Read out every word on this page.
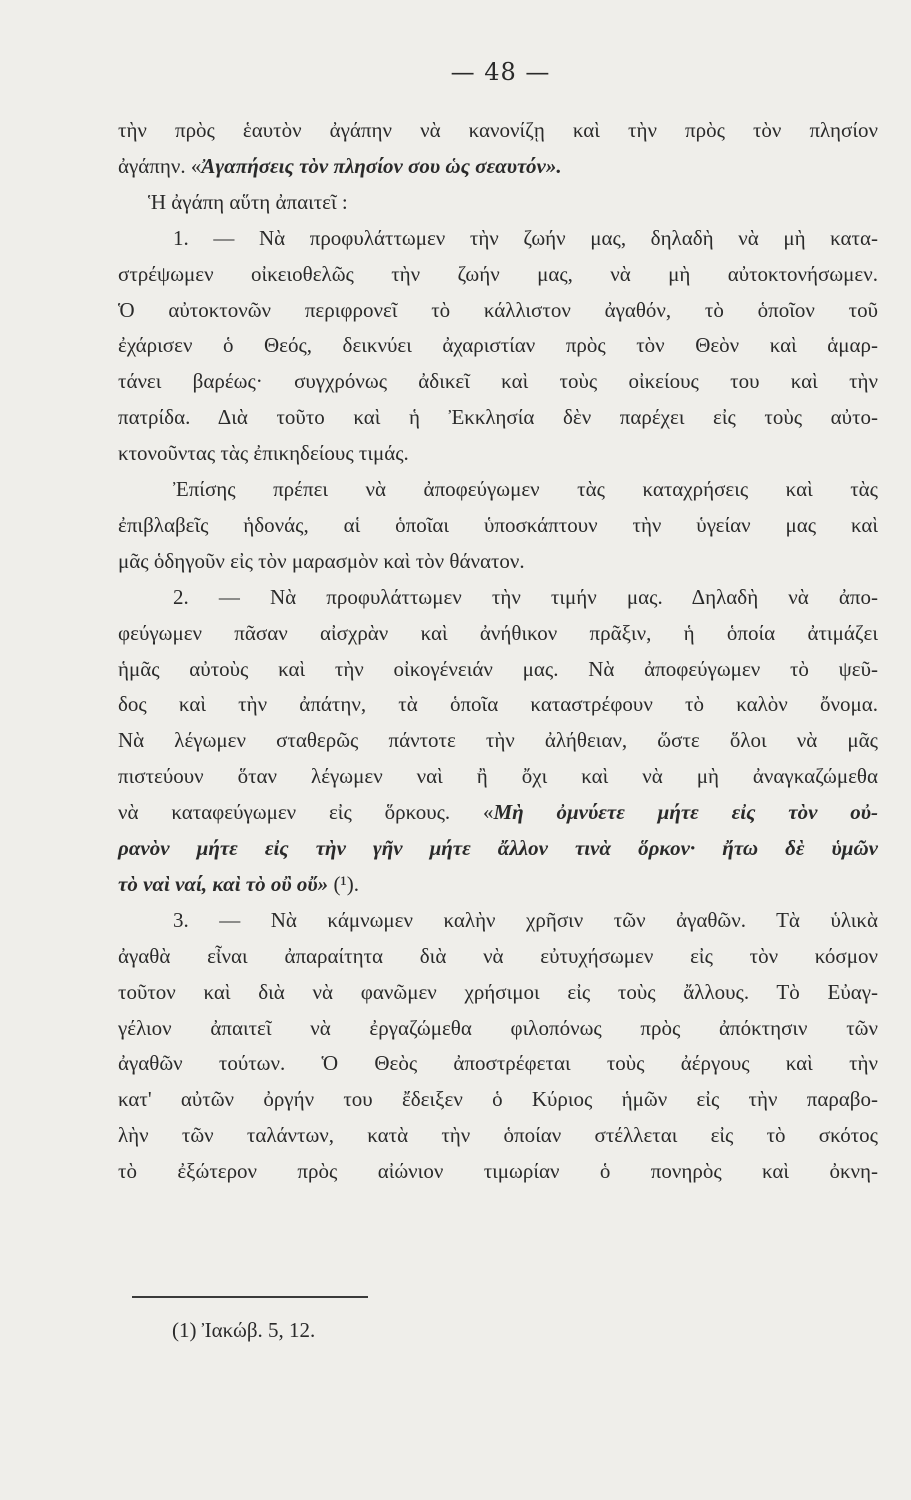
— 48 —
τὴν πρὸς ἑαυτὸν ἀγάπην νὰ κανονίζῃ καὶ τὴν πρὸς τὸν πλησίον
ἀγάπην. «Ἀγαπήσεις τὸν πλησίον σου ὡς σεαυτόν».
Ἡ ἀγάπη αὕτη ἀπαιτεῖ :
1. — Νὰ προφυλάττωμεν τὴν ζωήν μας, δηλαδὴ νὰ μὴ κατα-
στρέψωμεν οἰκειοθελῶς τὴν ζωήν μας, νὰ μὴ αὐτοκτονήσωμεν.
Ὁ αὐτοκτονῶν περιφρονεῖ τὸ κάλλιστον ἀγαθόν, τὸ ὁποῖον τοῦ
ἐχάρισεν ὁ Θεός, δεικνύει ἀχαριστίαν πρὸς τὸν Θεὸν καὶ ἁμαρ-
τάνει βαρέως· συγχρόνως ἀδικεῖ καὶ τοὺς οἰκείους του καὶ τὴν
πατρίδα. Διὰ τοῦτο καὶ ἡ Ἐκκλησία δὲν παρέχει εἰς τοὺς αὐτο-
κτονοῦντας τὰς ἐπικηδείους τιμάς.
Ἐπίσης πρέπει νὰ ἀποφεύγωμεν τὰς καταχρήσεις καὶ τὰς
ἐπιβλαβεῖς ἡδονάς, αἱ ὁποῖαι ὑποσκάπτουν τὴν ὑγείαν μας καὶ
μᾶς ὁδηγοῦν εἰς τὸν μαρασμὸν καὶ τὸν θάνατον.
2. — Νὰ προφυλάττωμεν τὴν τιμήν μας. Δηλαδὴ νὰ ἀπο-
φεύγωμεν πᾶσαν αἰσχρὰν καὶ ἀνήθικον πρᾶξιν, ἡ ὁποία ἀτιμάζει
ἡμᾶς αὐτοὺς καὶ τὴν οἰκογένειάν μας. Νὰ ἀποφεύγωμεν τὸ ψεῦ-
δος καὶ τὴν ἀπάτην, τὰ ὁποῖα καταστρέφουν τὸ καλὸν ὄνομα.
Νὰ λέγωμεν σταθερῶς πάντοτε τὴν ἀλήθειαν, ὥστε ὅλοι νὰ μᾶς
πιστεύουν ὅταν λέγωμεν ναὶ ἢ ὄχι καὶ νὰ μὴ ἀναγκαζώμεθα
νὰ καταφεύγωμεν εἰς ὅρκους. «Μὴ ὀμνύετε μήτε εἰς τὸν οὐ-
ρανὸν μήτε εἰς τὴν γῆν μήτε ἄλλον τινὰ ὅρκον· ἤτω δὲ ὑμῶν
τὸ ναὶ ναί, καὶ τὸ οὒ οὔ» (¹).
3. — Νὰ κάμνωμεν καλὴν χρῆσιν τῶν ἀγαθῶν. Τὰ ὑλικὰ
ἀγαθὰ εἶναι ἀπαραίτητα διὰ νὰ εὐτυχήσωμεν εἰς τὸν κόσμον
τοῦτον καὶ διὰ νὰ φανῶμεν χρήσιμοι εἰς τοὺς ἄλλους. Τὸ Εὐαγ-
γέλιον ἀπαιτεῖ νὰ ἐργαζώμεθα φιλοπόνως πρὸς ἀπόκτησιν τῶν
ἀγαθῶν τούτων. Ὁ Θεὸς ἀποστρέφεται τοὺς ἀέργους καὶ τὴν
κατ' αὐτῶν ὀργήν του ἔδειξεν ὁ Κύριος ἡμῶν εἰς τὴν παραβο-
λὴν τῶν ταλάντων, κατὰ τὴν ὁποίαν στέλλεται εἰς τὸ σκότος
τὸ ἐξώτερον πρὸς αἰώνιον τιμωρίαν ὁ πονηρὸς καὶ ὀκνη-
(1) Ἰακώβ. 5, 12.
